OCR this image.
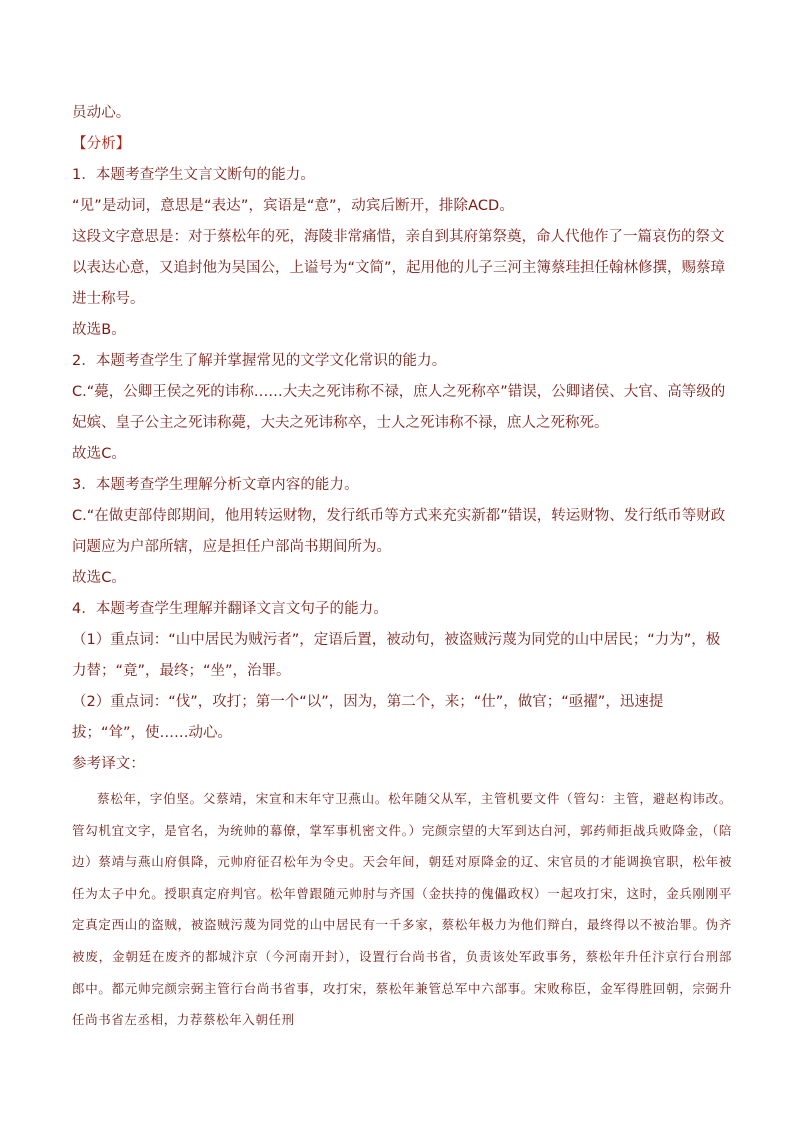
员动心。
【分析】
1．本题考查学生文言文断句的能力。
“见”是动词，意思是“表达”，宾语是“意”，动宾后断开，排除ACD。
这段文字意思是：对于蔡松年的死，海陵非常痛惜，亲自到其府第祭奠，命人代他作了一篇哀伤的祭文以表达心意，又追封他为吴国公，上谥号为“文简”，起用他的儿子三河主簿蔡珪担任翰林修撰，赐蔡璋进士称号。
故选B。
2．本题考查学生了解并掌握常见的文学文化常识的能力。
C.“薨，公卿王侯之死的讳称……大夫之死讳称不禄，庶人之死称卒”错误，公卿诸侯、大官、高等级的妃嫔、皇子公主之死讳称薨，大夫之死讳称卒，士人之死讳称不禄，庶人之死称死。
故选C。
3．本题考查学生理解分析文章内容的能力。
C.“在做吏部侍郎期间，他用转运财物，发行纸币等方式来充实新都”错误，转运财物、发行纸币等财政问题应为户部所辖，应是担任户部尚书期间所为。
故选C。
4．本题考查学生理解并翻译文言文句子的能力。
（1）重点词：“山中居民为贼污者”，定语后置，被动句，被盗贼污蔑为同党的山中居民；“力为”，极力替；“竟”，最终；“坐”，治罪。
（2）重点词：“伐”，攻打；第一个“以”，因为，第二个，来；“仕”，做官；“亟擢”，迅速提拔；“耸”，使……动心。
参考译文：

蔡松年，字伯坚。父蔡靖，宋宣和末年守卫燕山。松年随父从军，主管机要文件（管勾：主管，避赵构讳改。管勾机宜文字，是官名，为统帅的幕僚，掌军事机密文件。）完颜宗望的大军到达白河，郭药师拒战兵败降金，（陪边）蔡靖与燕山府俱降，元帅府征召松年为令史。天会年间，朝廷对原降金的辽、宋官员的才能调换官职，松年被任为太子中允。授职真定府判官。松年曾跟随元帅肘与齐国（金扶持的傀儡政权）一起攻打宋，这时，金兵刚刚平定真定西山的盗贼，被盗贼污蔑为同党的山中居民有一千多家，蔡松年极力为他们辩白，最终得以不被治罪。伪齐被废，金朝廷在废齐的都城汴京（今河南开封），设置行台尚书省，负责该处军政事务，蔡松年升任汴京行台刑部郎中。都元帅完颜宗弼主管行台尚书省事，攻打宋，蔡松年兼管总军中六部事。宋败称臣，金军得胜回朝，宗弼升任尚书省左丞相，力荐蔡松年入朝任刑
